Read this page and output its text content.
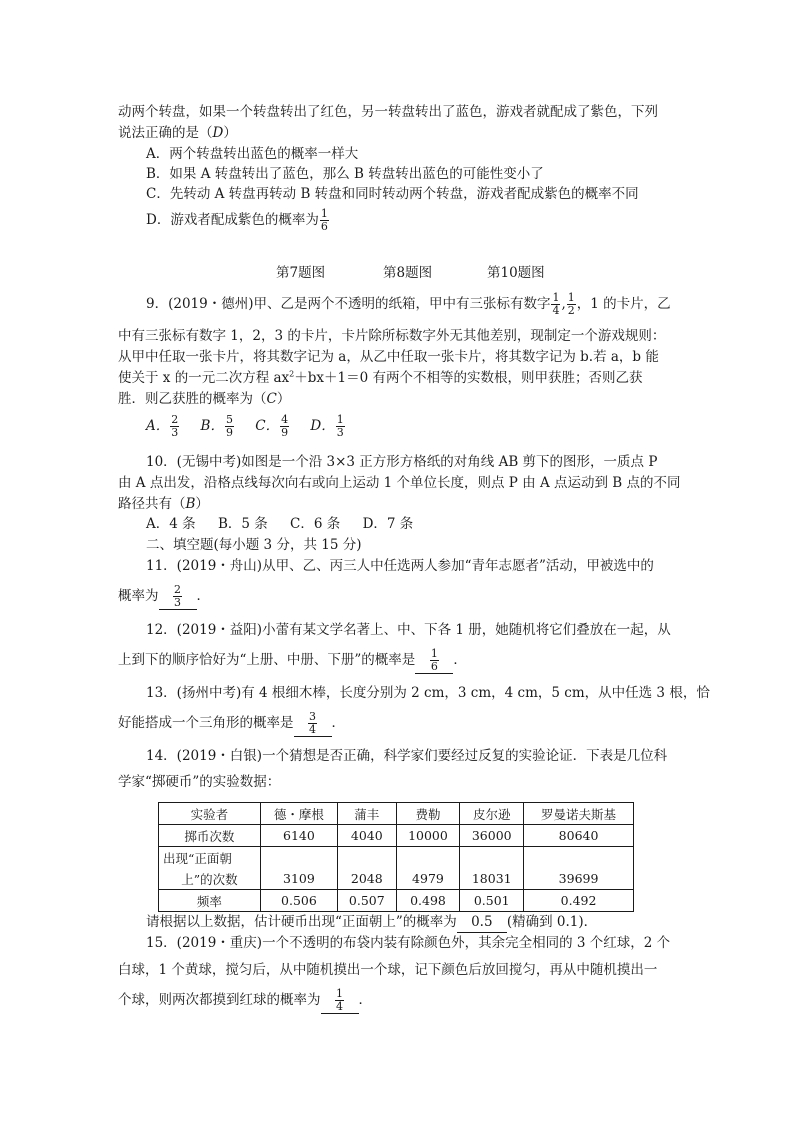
动两个转盘，如果一个转盘转出了红色，另一转盘转出了蓝色，游戏者就配成了紫色，下列
说法正确的是（D）
A．两个转盘转出蓝色的概率一样大
B．如果 A 转盘转出了蓝色，那么 B 转盘转出蓝色的可能性变小了
C．先转动 A 转盘再转动 B 转盘和同时转动两个转盘，游戏者配成紫色的概率不同
D．游戏者配成紫色的概率为 $\frac{1}{6}$
第7题图	第8题图	第10题图
9．(2019・德州)甲、乙是两个不透明的纸箱，甲中有三张标有数字 $\frac{1}{4}$ , $\frac{1}{2}$ ，1 的卡片，乙
中有三张标有数字 1，2，3 的卡片，卡片除所标数字外无其他差别，现制定一个游戏规则：
从甲中任取一张卡片，将其数字记为 a，从乙中任取一张卡片，将其数字记为 b.若 a，b 能
使关于 x 的一元二次方程 $ax^2+bx+1=0$ 有两个不相等的实数根，则甲获胜；否则乙获
胜．则乙获胜的概率为（C）
A． $\frac{2}{3}$ B． $\frac{5}{9}$ C． $\frac{4}{9}$ D． $\frac{1}{3}$
10．(无锡中考)如图是一个沿 3×3 正方形方格纸的对角线 AB 剪下的图形，一质点 P
由 A 点出发，沿格点线每次向右或向上运动 1 个单位长度，则点 P 由 A 点运动到 B 点的不同
路径共有（B）
A．4 条 B．5 条 C．6 条 D．7 条
二、填空题(每小题 3 分，共 15 分)
11．(2019・舟山)从甲、乙、丙三人中任选两人参加“青年志愿者”活动，甲被选中的
概率为 $\frac{2}{3}$ ．
12．(2019・益阳)小蕾有某文学名著上、中、下各 1 册，她随机将它们叠放在一起，从
上到下的顺序恰好为“上册、中册、下册”的概率是 $\frac{1}{6}$ ．
13．(扬州中考)有 4 根细木棒，长度分别为 2 cm，3 cm，4 cm，5 cm，从中任选 3 根，恰
好能搭成一个三角形的概率是 $\frac{3}{4}$ ．
14．(2019・白银)一个猜想是否正确，科学家们要经过反复的实验论证．下表是几位科
学家“掷硬币”的实验数据：
实验者	德・摩根	蒲丰	费勒	皮尔逊	罗曼诺夫斯基
掷币次数	6140	4040	10000	36000	80640
出现“正面朝					
上”的次数	3109	2048	4979	18031	39699
频率	0.506	0.507	0.498	0.501	0.492
请根据以上数据，估计硬币出现“正面朝上”的概率为 0.5 (精确到 0.1)．
15．(2019・重庆)一个不透明的布袋内装有除颜色外，其余完全相同的 3 个红球，2 个
白球，1 个黄球，搅匀后，从中随机摸出一个球，记下颜色后放回搅匀，再从中随机摸出一
个球，则两次都摸到红球的概率为 $\frac{1}{4}$ ．
